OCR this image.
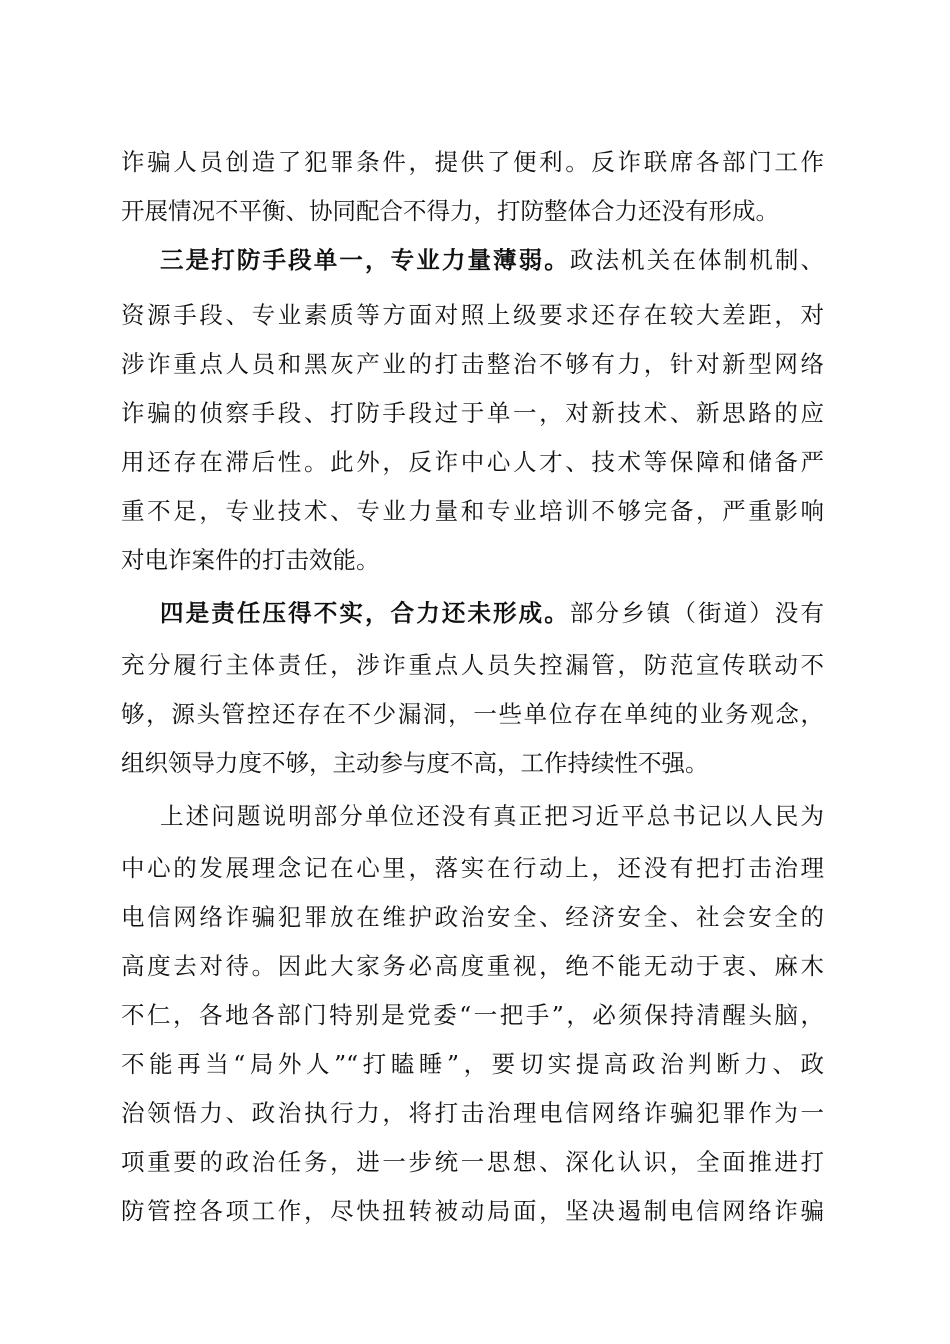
诈骗人员创造了犯罪条件，提供了便利。反诈联席各部门工作
开展情况不平衡、协同配合不得力，打防整体合力还没有形成。
三是打防手段单一，专业力量薄弱。政法机关在体制机制、
资源手段、专业素质等方面对照上级要求还存在较大差距，对
涉诈重点人员和黑灰产业的打击整治不够有力，针对新型网络
诈骗的侦察手段、打防手段过于单一，对新技术、新思路的应
用还存在滞后性。此外，反诈中心人才、技术等保障和储备严
重不足，专业技术、专业力量和专业培训不够完备，严重影响
对电诈案件的打击效能。
四是责任压得不实，合力还未形成。部分乡镇（街道）没有
充分履行主体责任，涉诈重点人员失控漏管，防范宣传联动不
够，源头管控还存在不少漏洞，一些单位存在单纯的业务观念，
组织领导力度不够，主动参与度不高，工作持续性不强。
上述问题说明部分单位还没有真正把习近平总书记以人民为
中心的发展理念记在心里，落实在行动上，还没有把打击治理
电信网络诈骗犯罪放在维护政治安全、经济安全、社会安全的
高度去对待。因此大家务必高度重视，绝不能无动于衷、麻木
不仁，各地各部门特别是党委“一把手”，必须保持清醒头脑，
不能再当“局外人”“打瞌睡”，要切实提高政治判断力、政
治领悟力、政治执行力，将打击治理电信网络诈骗犯罪作为一
项重要的政治任务，进一步统一思想、深化认识，全面推进打
防管控各项工作，尽快扭转被动局面，坚决遏制电信网络诈骗
